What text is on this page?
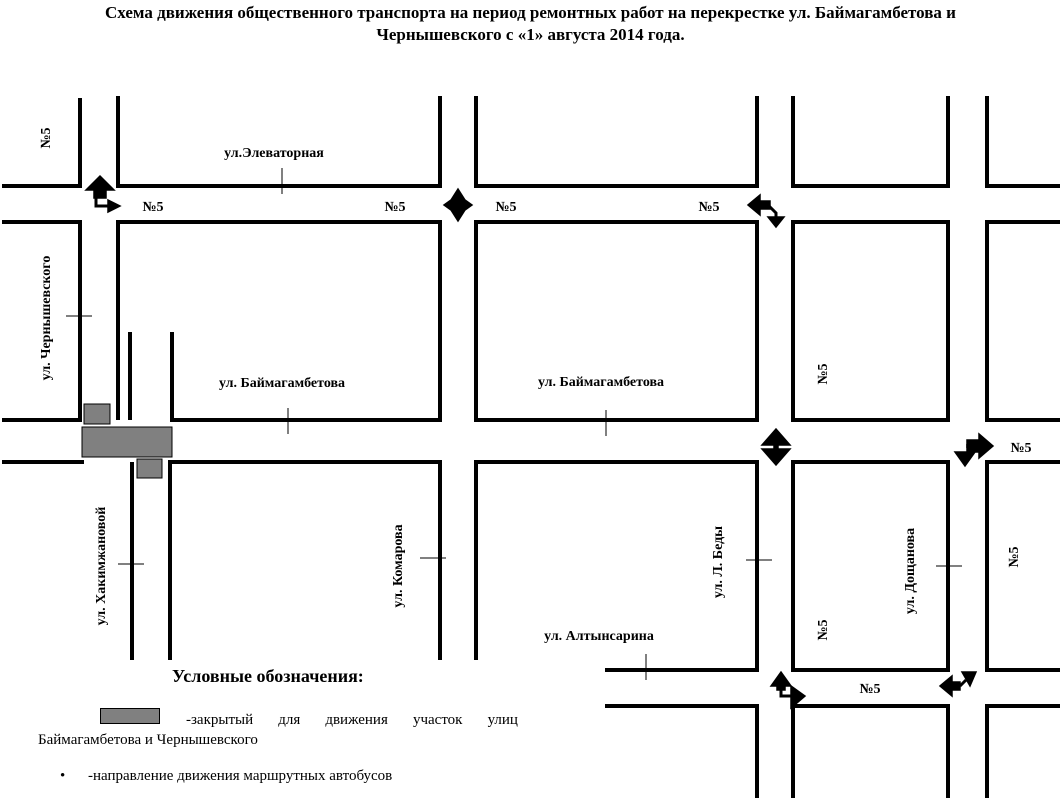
Схема движения общественного транспорта на период ремонтных работ на перекрестке ул. Баймагамбетова и
Чернышевского с «1» августа 2014 года.
ул.Элеваторная
ул. Баймагамбетова	ул. Баймагамбетова
ул. Алтынсарина
ул. Чернышевского
ул. Хакимжановой	ул. Комарова	ул. Л. Беды	ул. Дощанова
№5
№5	№5	№5	№5
№5
№5
№5
№5
№5
Условные обозначения:
-закрытый для движения участок улиц
Баймагамбетова и Чернышевского
• -направление движения маршрутных автобусов
